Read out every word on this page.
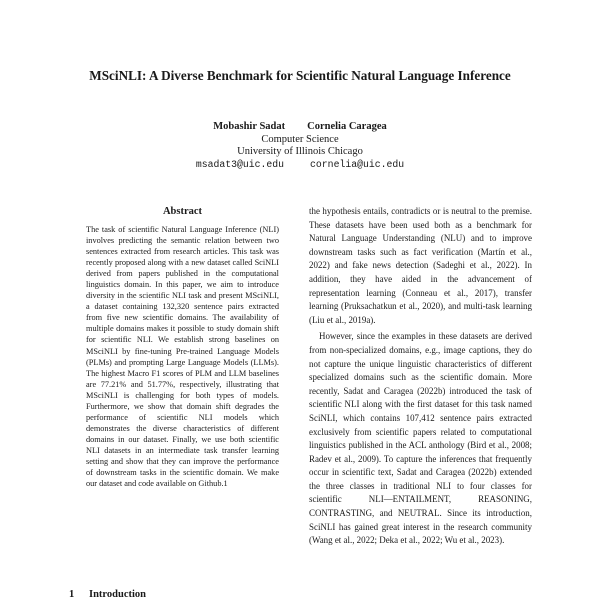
MSciNLI: A Diverse Benchmark for Scientific Natural Language Inference
Mobashir Sadat Cornelia Caragea
Computer Science
University of Illinois Chicago
msadat3@uic.edu	cornelia@uic.edu
Abstract
The task of scientific Natural Language Inference (NLI) involves predicting the semantic relation between two sentences extracted from research articles. This task was recently proposed along with a new dataset called SciNLI derived from papers published in the computational linguistics domain. In this paper, we aim to introduce diversity in the scientific NLI task and present MSciNLI, a dataset containing 132,320 sentence pairs extracted from five new scientific domains. The availability of multiple domains makes it possible to study domain shift for scientific NLI. We establish strong baselines on MSciNLI by fine-tuning Pre-trained Language Models (PLMs) and prompting Large Language Models (LLMs). The highest Macro F1 scores of PLM and LLM baselines are 77.21% and 51.77%, respectively, illustrating that MSciNLI is challenging for both types of models. Furthermore, we show that domain shift degrades the performance of scientific NLI models which demonstrates the diverse characteristics of different domains in our dataset. Finally, we use both scientific NLI datasets in an intermediate task transfer learning setting and show that they can improve the performance of downstream tasks in the scientific domain. We make our dataset and code available on Github.1

the hypothesis entails, contradicts or is neutral to the premise. These datasets have been used both as a benchmark for Natural Language Understanding (NLU) and to improve downstream tasks such as fact verification (Martín et al., 2022) and fake news detection (Sadeghi et al., 2022). In addition, they have aided in the advancement of representation learning (Conneau et al., 2017), transfer learning (Pruksachatkun et al., 2020), and multi-task learning (Liu et al., 2019a).

However, since the examples in these datasets are derived from non-specialized domains, e.g., image captions, they do not capture the unique linguistic characteristics of different specialized domains such as the scientific domain. More recently, Sadat and Caragea (2022b) introduced the task of scientific NLI along with the first dataset for this task named SciNLI, which contains 107,412 sentence pairs extracted exclusively from scientific papers related to computational linguistics published in the ACL anthology (Bird et al., 2008; Radev et al., 2009). To capture the inferences that frequently occur in scientific text, Sadat and Caragea (2022b) extended the three classes in traditional NLI to four classes for scientific NLI—ENTAILMENT, REASONING, CONTRASTING, and NEUTRAL. Since its introduction, SciNLI has gained great interest in the research community (Wang et al., 2022; Deka et al., 2022; Wu et al., 2023).

1 Introduction
